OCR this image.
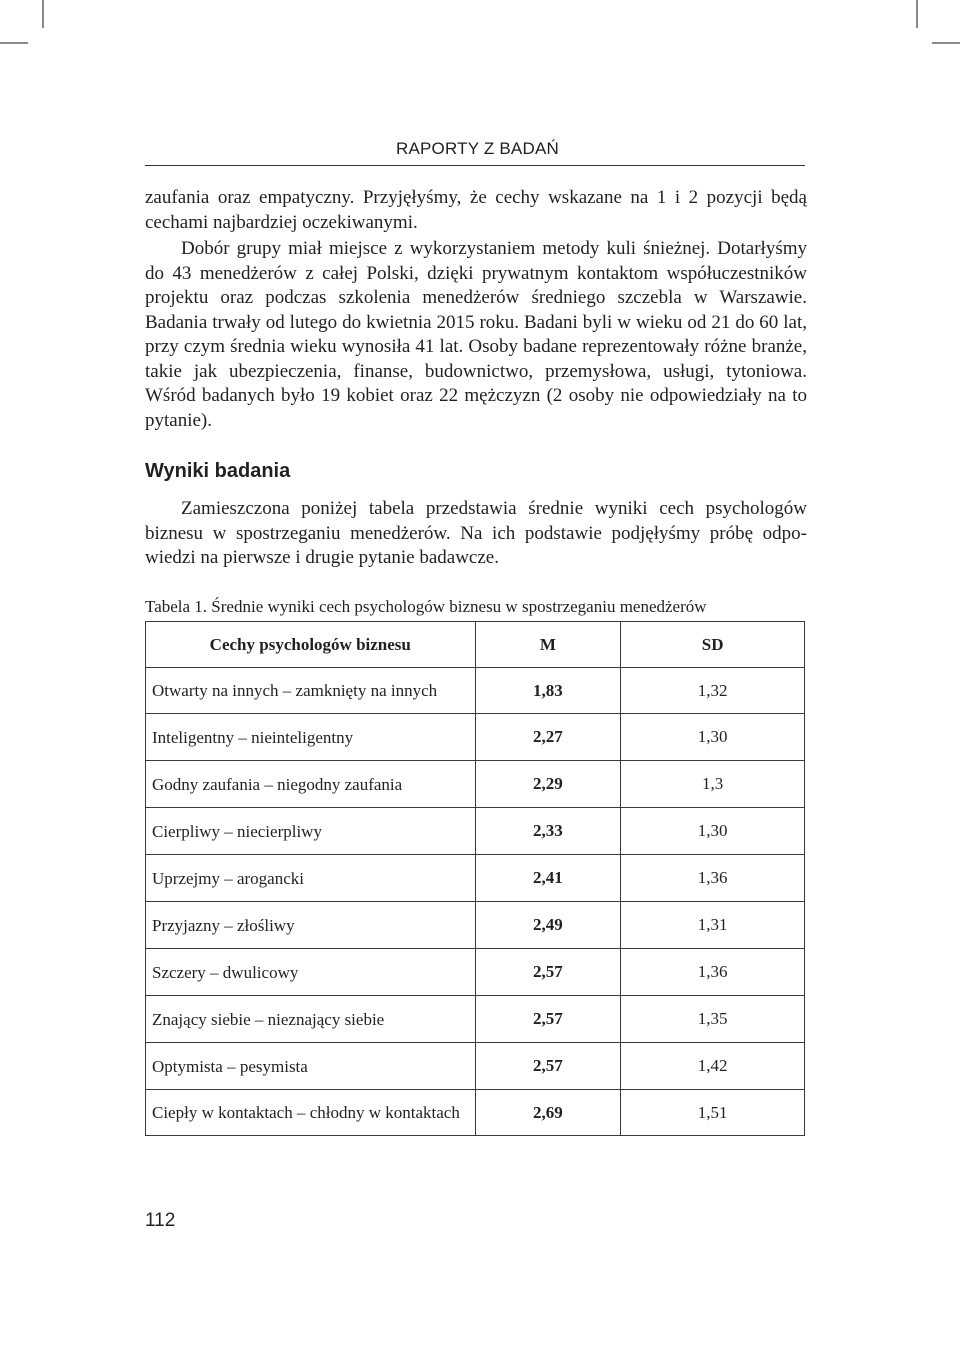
RAPORTY Z BADAŃ

zaufania oraz empatyczny. Przyjęłyśmy, że cechy wskazane na 1 i 2 pozycji będą cechami najbardziej oczekiwanymi.

Dobór grupy miał miejsce z wykorzystaniem metody kuli śnieżnej. Dotarłyśmy do 43 menedżerów z całej Polski, dzięki prywatnym kontaktom współuczestników projektu oraz podczas szkolenia menedżerów średniego szczebla w Warszawie. Badania trwały od lutego do kwietnia 2015 roku. Badani byli w wieku od 21 do 60 lat, przy czym średnia wieku wynosiła 41 lat. Osoby badane reprezentowały różne branże, takie jak ubezpieczenia, finanse, budownictwo, przemysłowa, usługi, tytoniowa. Wśród badanych było 19 kobiet oraz 22 mężczyzn (2 osoby nie odpowiedziały na to pytanie).

Wyniki badania

Zamieszczona poniżej tabela przedstawia średnie wyniki cech psychologów biznesu w spostrzeganiu menedżerów. Na ich podstawie podjęłyśmy próbę odpowiedzi na pierwsze i drugie pytanie badawcze.

Tabela 1. Średnie wyniki cech psychologów biznesu w spostrzeganiu menedżerów
Cechy psychologów biznesu	M	SD
Otwarty na innych – zamknięty na innych	1,83	1,32
Inteligentny – nieinteligentny	2,27	1,30
Godny zaufania – niegodny zaufania	2,29	1,3
Cierpliwy – niecierpliwy	2,33	1,30
Uprzejmy – arogancki	2,41	1,36
Przyjazny – złośliwy	2,49	1,31
Szczery – dwulicowy	2,57	1,36
Znający siebie – nieznający siebie	2,57	1,35
Optymista – pesymista	2,57	1,42
Ciepły w kontaktach – chłodny w kontaktach	2,69	1,51
112
